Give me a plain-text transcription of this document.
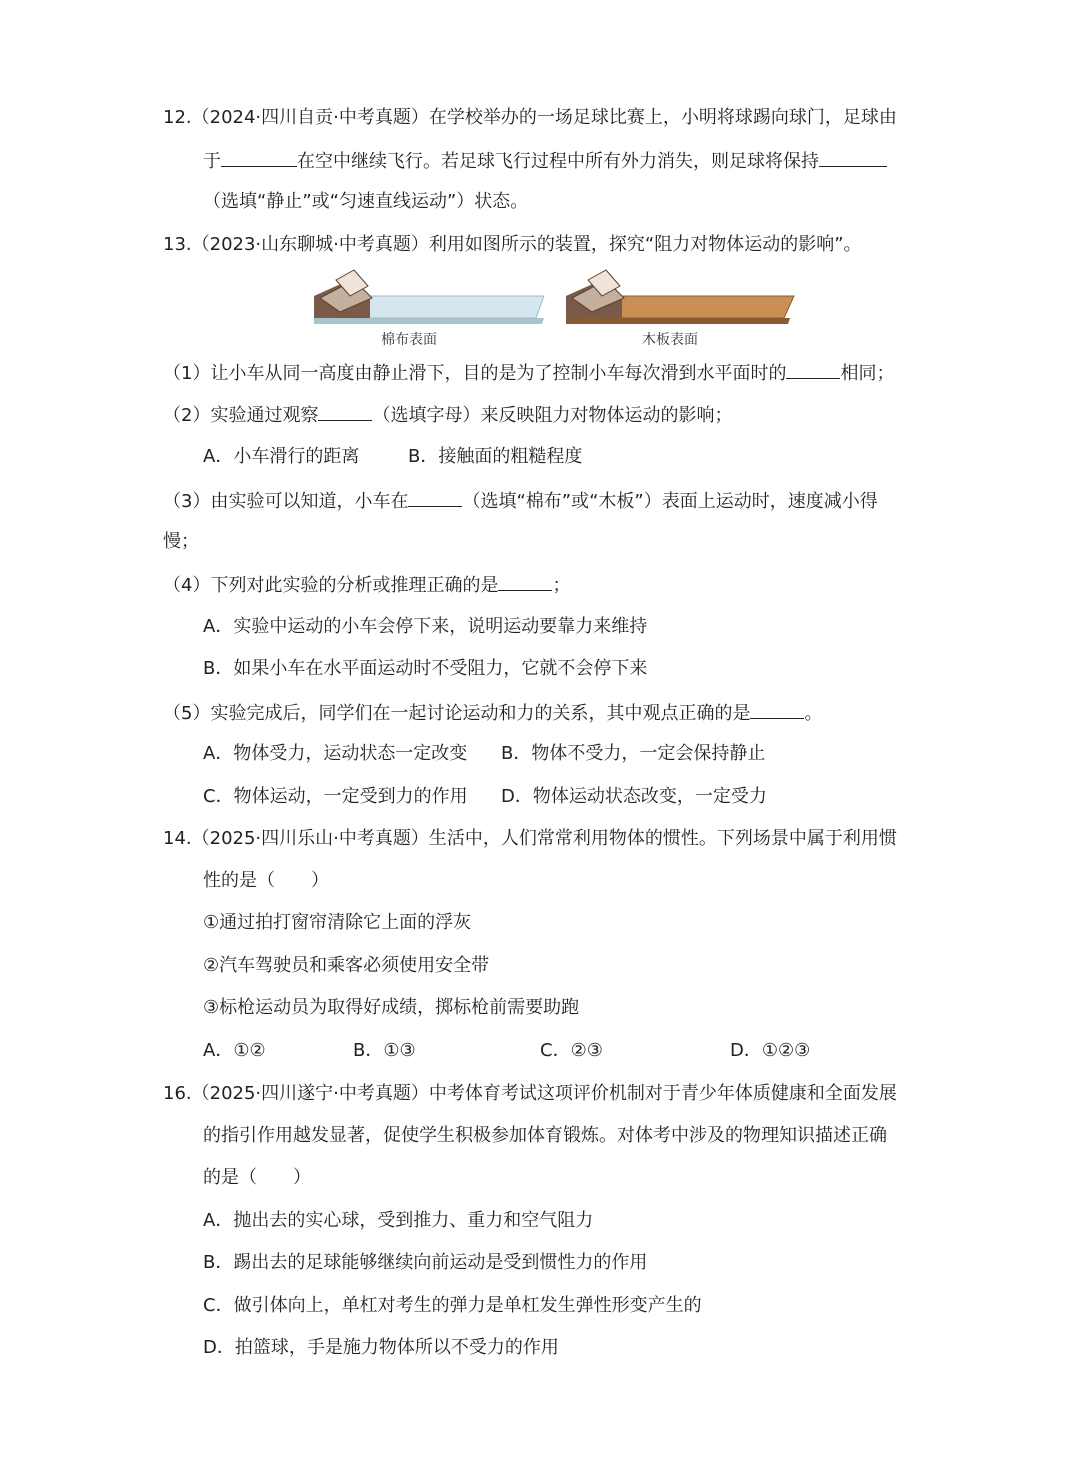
12.（2024·四川自贡·中考真题）在学校举办的一场足球比赛上，小明将球踢向球门，足球由
于	在空中继续飞行。若足球飞行过程中所有外力消失，则足球将保持
（选填“静止”或“匀速直线运动”）状态。
13.（2023·山东聊城·中考真题）利用如图所示的装置，探究“阻力对物体运动的影响”。
棉布表面	木板表面
（1）让小车从同一高度由静止滑下，目的是为了控制小车每次滑到水平面时的	相同；
（2）实验通过观察	（选填字母）来反映阻力对物体运动的影响；
A．小车滑行的距离	B．接触面的粗糙程度
（3）由实验可以知道，小车在	（选填“棉布”或“木板”）表面上运动时，速度减小得
慢；
（4）下列对此实验的分析或推理正确的是	；
A．实验中运动的小车会停下来，说明运动要靠力来维持
B．如果小车在水平面运动时不受阻力，它就不会停下来
（5）实验完成后，同学们在一起讨论运动和力的关系，其中观点正确的是	。
A．物体受力，运动状态一定改变 B．物体不受力，一定会保持静止
C．物体运动，一定受到力的作用 D．物体运动状态改变，一定受力
14.（2025·四川乐山·中考真题）生活中，人们常常利用物体的惯性。下列场景中属于利用惯
性的是（　　）
①通过拍打窗帘清除它上面的浮灰
②汽车驾驶员和乘客必须使用安全带
③标枪运动员为取得好成绩，掷标枪前需要助跑
A．①②	B．①③	C．②③	D．①②③
16.（2025·四川遂宁·中考真题）中考体育考试这项评价机制对于青少年体质健康和全面发展
的指引作用越发显著，促使学生积极参加体育锻炼。对体考中涉及的物理知识描述正确
的是（　　）
A．抛出去的实心球，受到推力、重力和空气阻力
B．踢出去的足球能够继续向前运动是受到惯性力的作用
C．做引体向上，单杠对考生的弹力是单杠发生弹性形变产生的
D．拍篮球，手是施力物体所以不受力的作用
